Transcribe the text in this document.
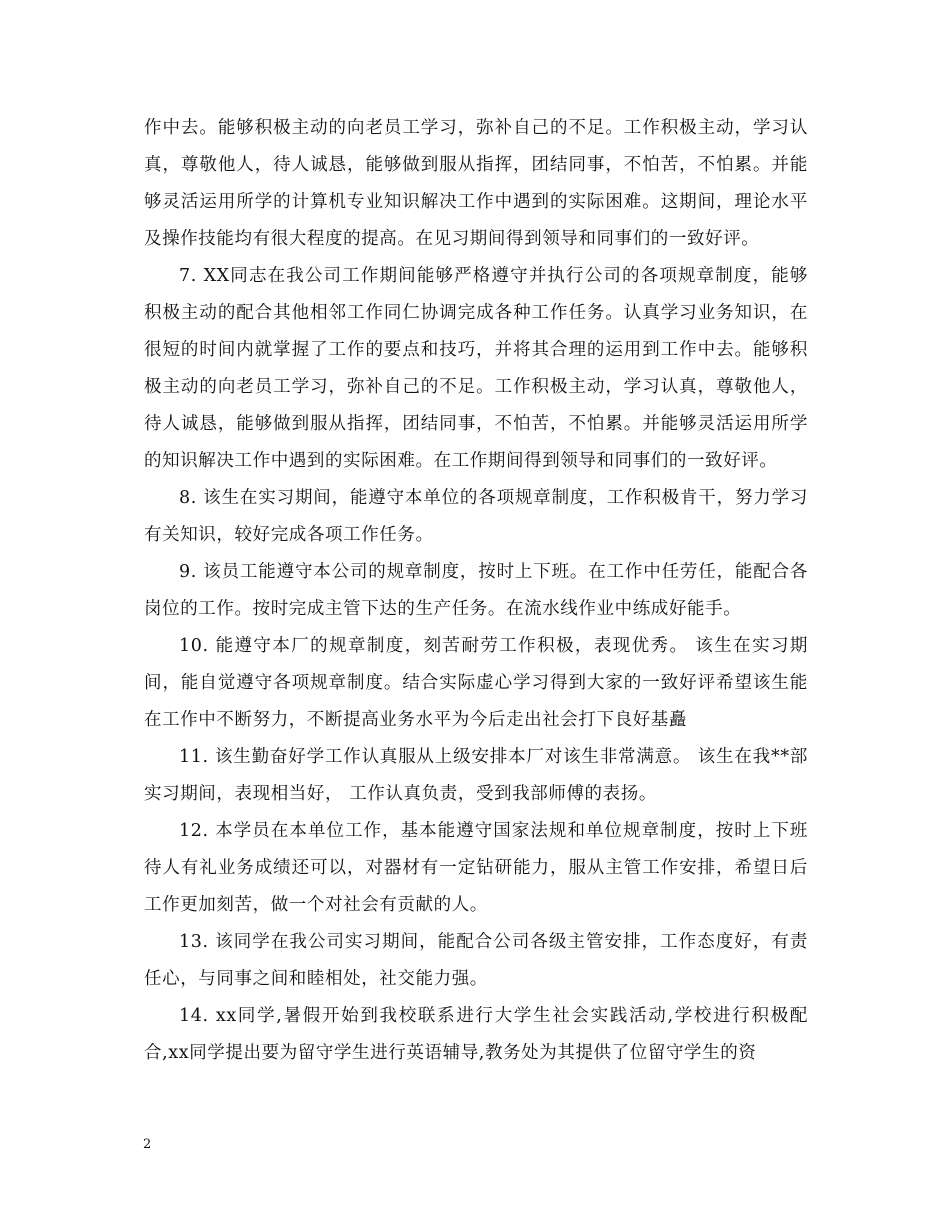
作中去。能够积极主动的向老员工学习，弥补自己的不足。工作积极主动，学习认真，尊敬他人，待人诚恳，能够做到服从指挥，团结同事，不怕苦，不怕累。并能够灵活运用所学的计算机专业知识解决工作中遇到的实际困难。这期间，理论水平及操作技能均有很大程度的提高。在见习期间得到领导和同事们的一致好评。

7. XX同志在我公司工作期间能够严格遵守并执行公司的各项规章制度，能够积极主动的配合其他相邻工作同仁协调完成各种工作任务。认真学习业务知识，在很短的时间内就掌握了工作的要点和技巧，并将其合理的运用到工作中去。能够积极主动的向老员工学习，弥补自己的不足。工作积极主动，学习认真，尊敬他人，待人诚恳，能够做到服从指挥，团结同事，不怕苦，不怕累。并能够灵活运用所学的知识解决工作中遇到的实际困难。在工作期间得到领导和同事们的一致好评。

8. 该生在实习期间，能遵守本单位的各项规章制度，工作积极肯干，努力学习有关知识，较好完成各项工作任务。

9. 该员工能遵守本公司的规章制度，按时上下班。在工作中任劳任，能配合各岗位的工作。按时完成主管下达的生产任务。在流水线作业中练成好能手。

10. 能遵守本厂的规章制度，刻苦耐劳工作积极，表现优秀。 该生在实习期间，能自觉遵守各项规章制度。结合实际虚心学习得到大家的一致好评希望该生能在工作中不断努力，不断提高业务水平为今后走出社会打下良好基矗

11. 该生勤奋好学工作认真服从上级安排本厂对该生非常满意。 该生在我**部实习期间，表现相当好， 工作认真负责，受到我部师傅的表扬。

12. 本学员在本单位工作，基本能遵守国家法规和单位规章制度，按时上下班待人有礼业务成绩还可以，对器材有一定钻研能力，服从主管工作安排，希望日后工作更加刻苦，做一个对社会有贡献的人。

13. 该同学在我公司实习期间，能配合公司各级主管安排，工作态度好，有责任心，与同事之间和睦相处，社交能力强。

14. xx同学,暑假开始到我校联系进行大学生社会实践活动,学校进行积极配合,xx同学提出要为留守学生进行英语辅导,教务处为其提供了位留守学生的资

2
